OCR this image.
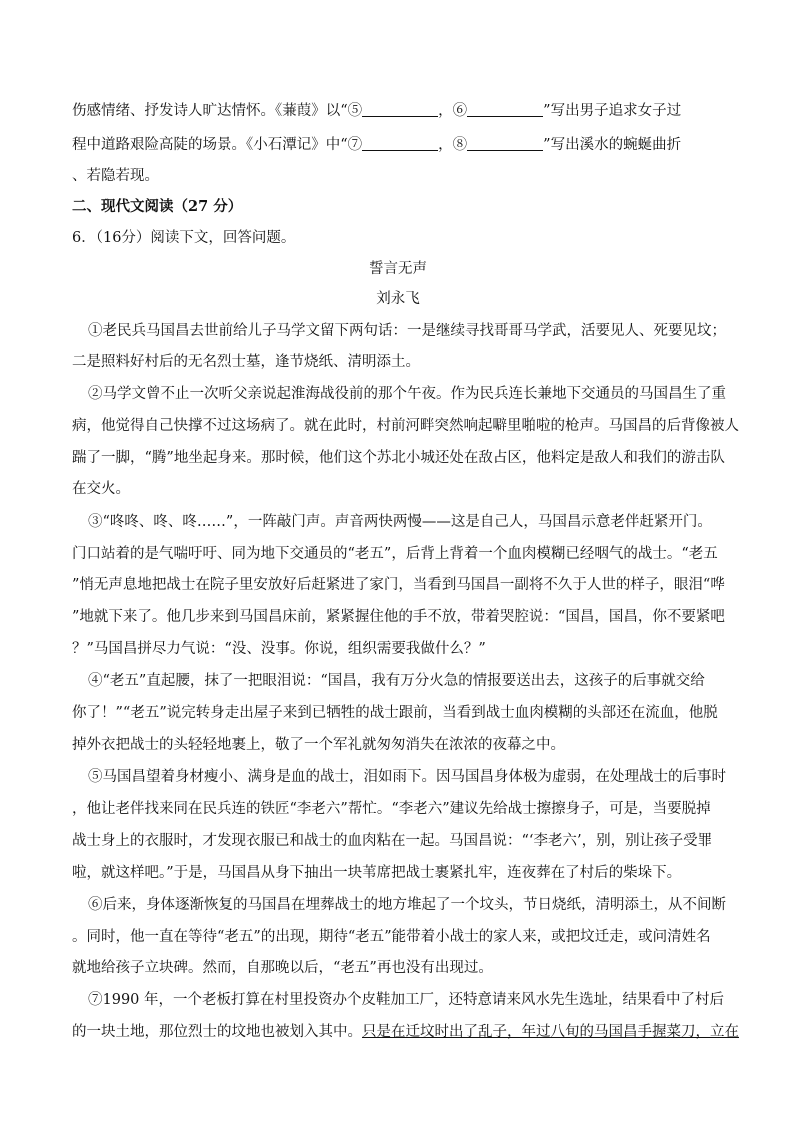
伤感情绪、抒发诗人旷达情怀。《蒹葭》以“⑤	，⑥	”写出男子追求女子过
程中道路艰险高陡的场景。《小石潭记》中“⑦	，⑧	”写出溪水的蜿蜒曲折
、若隐若现。
二、现代文阅读（27 分）
6．（16分）阅读下文，回答问题。
誓言无声
刘永飞
①老民兵马国昌去世前给儿子马学文留下两句话：一是继续寻找哥哥马学武，活要见人、死要见坟；
二是照料好村后的无名烈士墓，逢节烧纸、清明添土。
②马学文曾不止一次听父亲说起淮海战役前的那个午夜。作为民兵连长兼地下交通员的马国昌生了重
病，他觉得自己快撑不过这场病了。就在此时，村前河畔突然响起噼里啪啦的枪声。马国昌的后背像被人
踹了一脚，“腾”地坐起身来。那时候，他们这个苏北小城还处在敌占区，他料定是敌人和我们的游击队
在交火。
③“咚咚、咚、咚……”，一阵敲门声。声音两快两慢——这是自己人，马国昌示意老伴赶紧开门。
门口站着的是气喘吁吁、同为地下交通员的“老五”，后背上背着一个血肉模糊已经咽气的战士。“老五
”悄无声息地把战士在院子里安放好后赶紧进了家门，当看到马国昌一副将不久于人世的样子，眼泪“哗
”地就下来了。他几步来到马国昌床前，紧紧握住他的手不放，带着哭腔说：“国昌，国昌，你不要紧吧
？”马国昌拼尽力气说：“没、没事。你说，组织需要我做什么？”
④“老五”直起腰，抹了一把眼泪说：“国昌，我有万分火急的情报要送出去，这孩子的后事就交给
你了！”“老五”说完转身走出屋子来到已牺牲的战士跟前，当看到战士血肉模糊的头部还在流血，他脱
掉外衣把战士的头轻轻地裹上，敬了一个军礼就匆匆消失在浓浓的夜幕之中。
⑤马国昌望着身材瘦小、满身是血的战士，泪如雨下。因马国昌身体极为虚弱，在处理战士的后事时
，他让老伴找来同在民兵连的铁匠“李老六”帮忙。“李老六”建议先给战士擦擦身子，可是，当要脱掉
战士身上的衣服时，才发现衣服已和战士的血肉粘在一起。马国昌说：“‘李老六’，别，别让孩子受罪
啦，就这样吧。”于是，马国昌从身下抽出一块苇席把战士裹紧扎牢，连夜葬在了村后的柴垛下。
⑥后来，身体逐渐恢复的马国昌在埋葬战士的地方堆起了一个坟头，节日烧纸，清明添土，从不间断
。同时，他一直在等待“老五”的出现，期待“老五”能带着小战士的家人来，或把坟迁走，或问清姓名
就地给孩子立块碑。然而，自那晚以后，“老五”再也没有出现过。
⑦1990 年，一个老板打算在村里投资办个皮鞋加工厂，还特意请来风水先生选址，结果看中了村后
的一块土地，那位烈士的坟地也被划入其中。只是在迁坟时出了乱子，年过八旬的马国昌手握菜刀，立在
